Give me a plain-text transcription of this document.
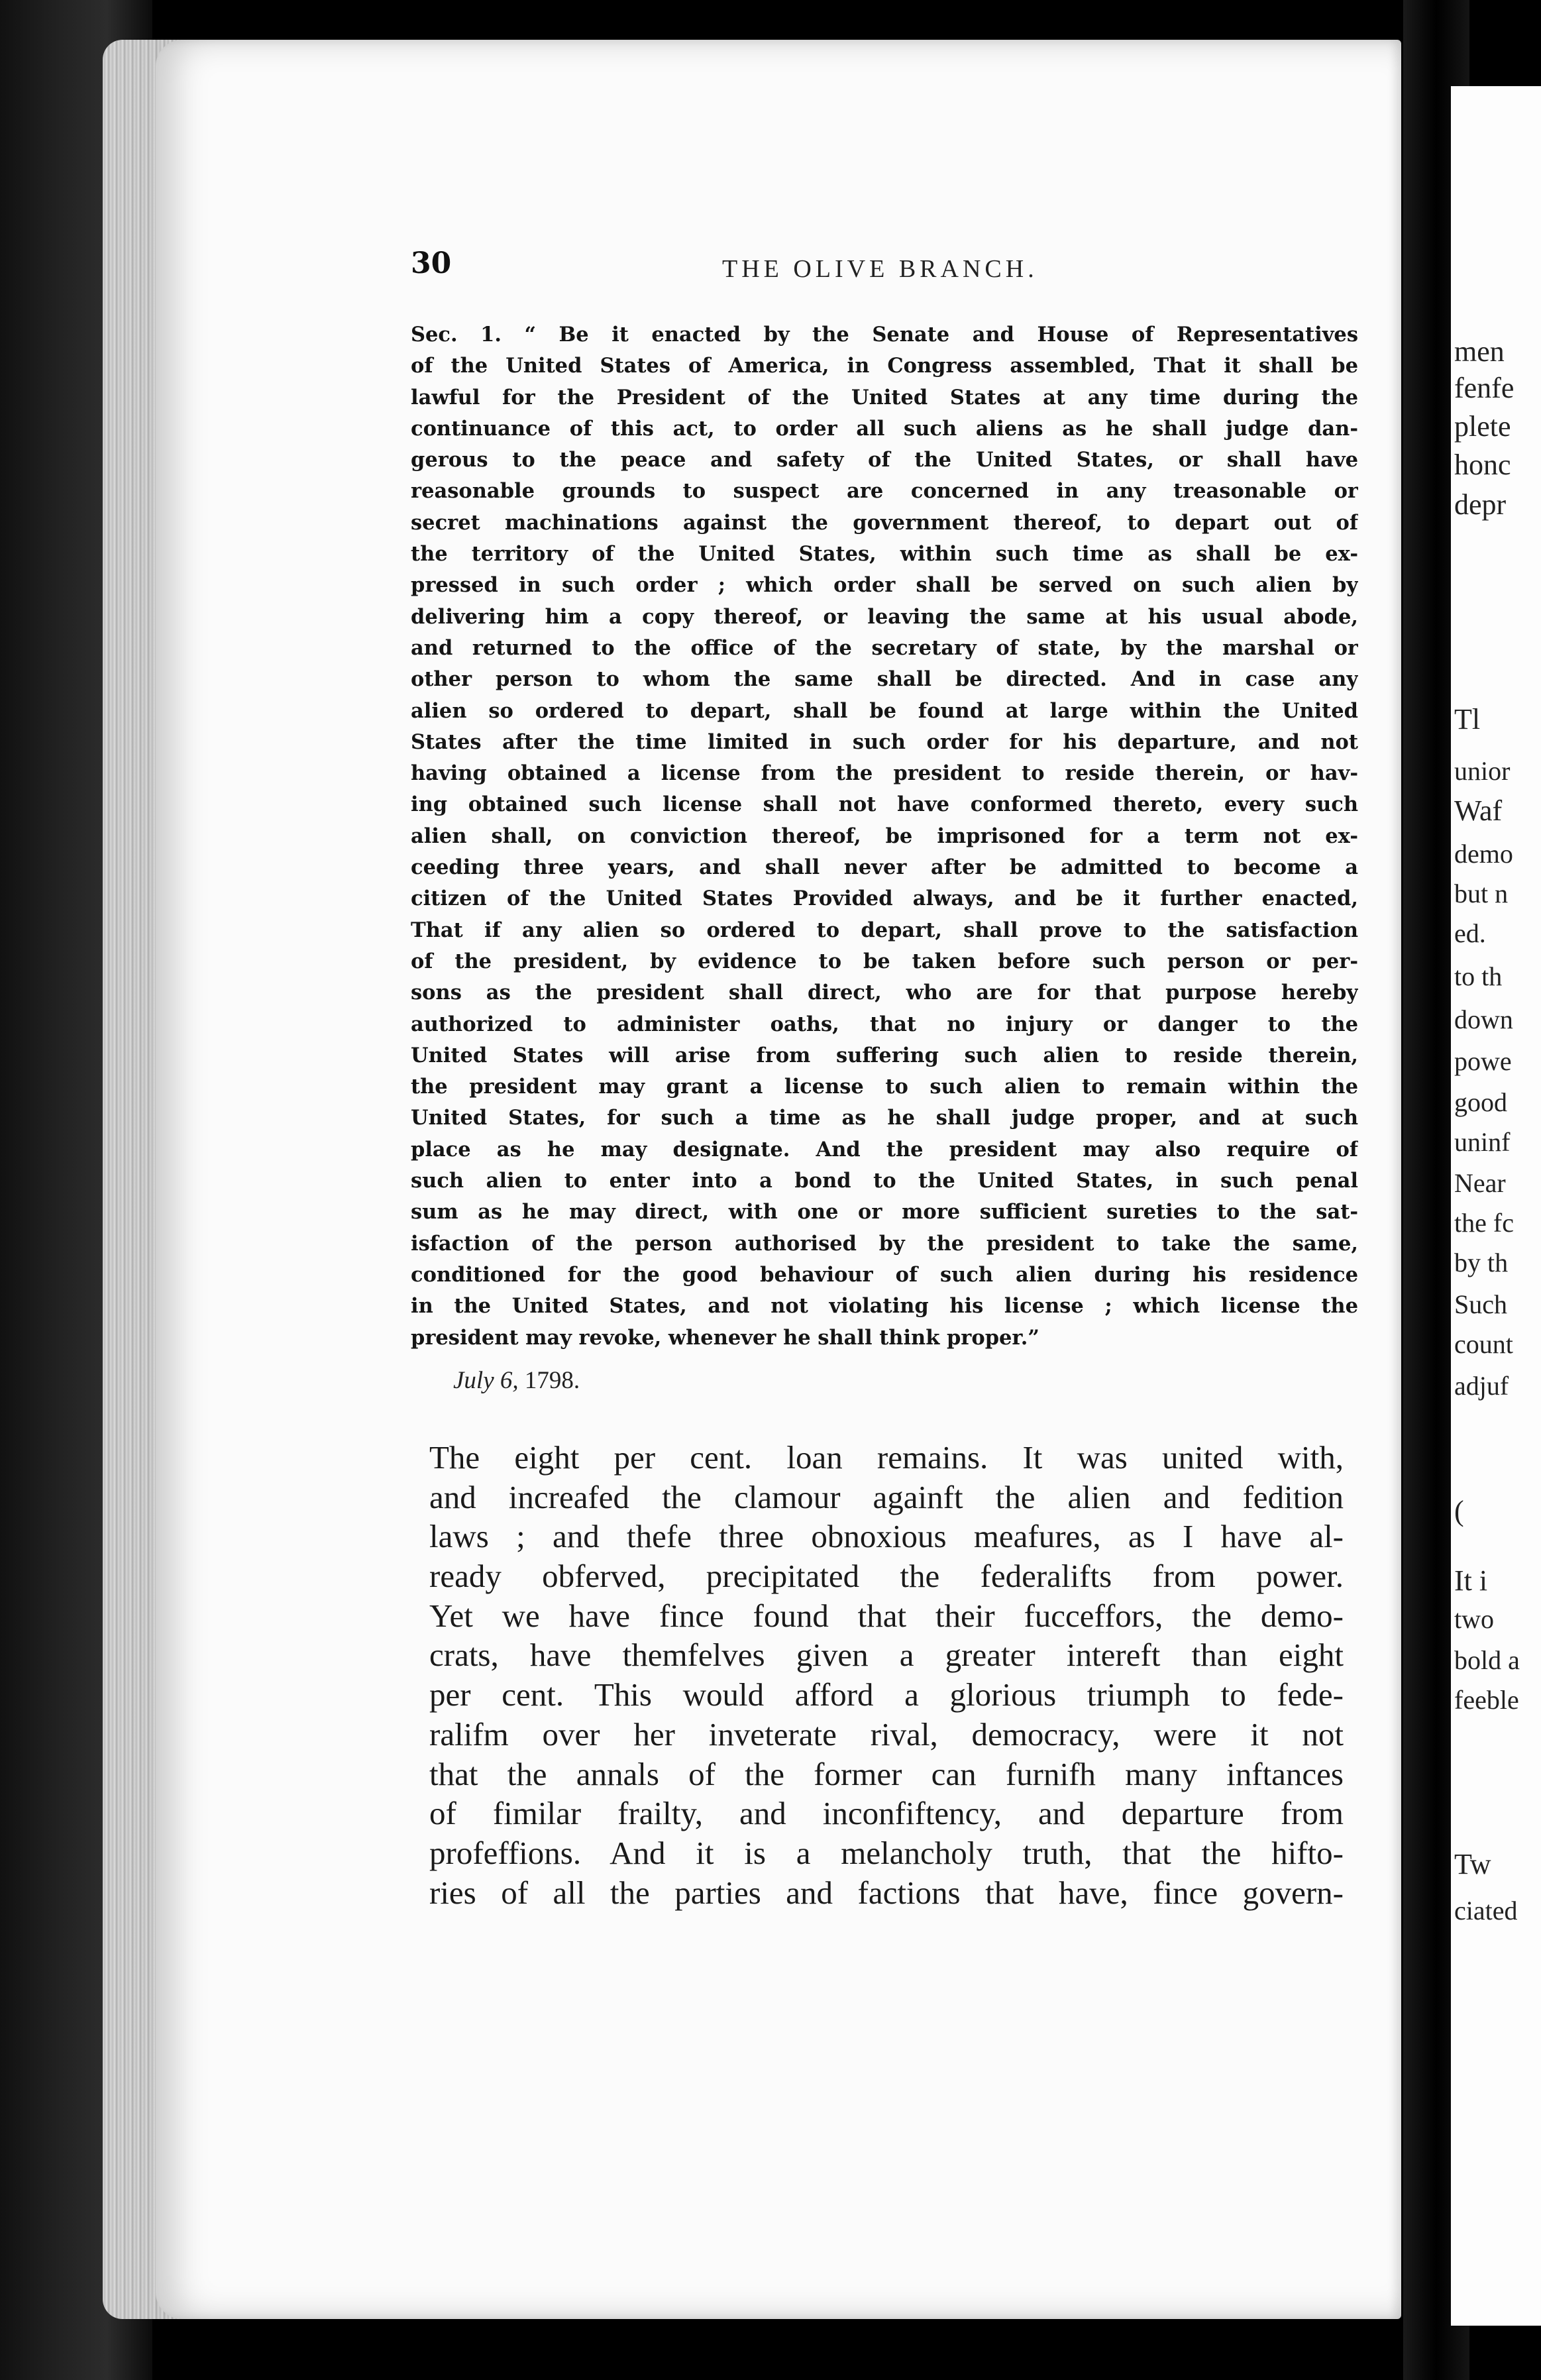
30	THE OLIVE BRANCH.
Sec. 1. “ Be it enacted by the Senate and House of Representatives
of the United States of America, in Congress assembled, That it shall be
lawful for the President of the United States at any time during the
continuance of this act, to order all such aliens as he shall judge dan-
gerous to the peace and safety of the United States, or shall have
reasonable grounds to suspect are concerned in any treasonable or
secret machinations against the government thereof, to depart out of
the territory of the United States, within such time as shall be ex-
pressed in such order ; which order shall be served on such alien by
delivering him a copy thereof, or leaving the same at his usual abode,
and returned to the office of the secretary of state, by the marshal or
other person to whom the same shall be directed. And in case any
alien so ordered to depart, shall be found at large within the United
States after the time limited in such order for his departure, and not
having obtained a license from the president to reside therein, or hav-
ing obtained such license shall not have conformed thereto, every such
alien shall, on conviction thereof, be imprisoned for a term not ex-
ceeding three years, and shall never after be admitted to become a
citizen of the United States Provided always, and be it further enacted,
That if any alien so ordered to depart, shall prove to the satisfaction
of the president, by evidence to be taken before such person or per-
sons as the president shall direct, who are for that purpose hereby
authorized to administer oaths, that no injury or danger to the
United States will arise from suffering such alien to reside therein,
the president may grant a license to such alien to remain within the
United States, for such a time as he shall judge proper, and at such
place as he may designate. And the president may also require of
such alien to enter into a bond to the United States, in such penal
sum as he may direct, with one or more sufficient sureties to the sat-
isfaction of the person authorised by the president to take the same,
conditioned for the good behaviour of such alien during his residence
in the United States, and not violating his license ; which license the
president may revoke, whenever he shall think proper.”
July 6, 1798.
The eight per cent. loan remains. It was united with,
and increafed the clamour againft the alien and fedition
laws ; and thefe three obnoxious meafures, as I have al-
ready obferved, precipitated the federalifts from power.
Yet we have fince found that their fucceffors, the demo-
crats, have themfelves given a greater intereft than eight
per cent. This would afford a glorious triumph to fede-
ralifm over her inveterate rival, democracy, were it not
that the annals of the former can furnifh many inftances
of fimilar frailty, and inconfiftency, and departure from
profeffions. And it is a melancholy truth, that the hifto-
ries of all the parties and factions that have, fince govern-
men
fenfe
plete
honc
depr
Tl
unior
Waf
demo
but n
ed.
to th
down
powe
good
uninf
Near
the fc
by th
Such
count
adjuf
(
It i
two
bold a
feeble
Tw
ciated
